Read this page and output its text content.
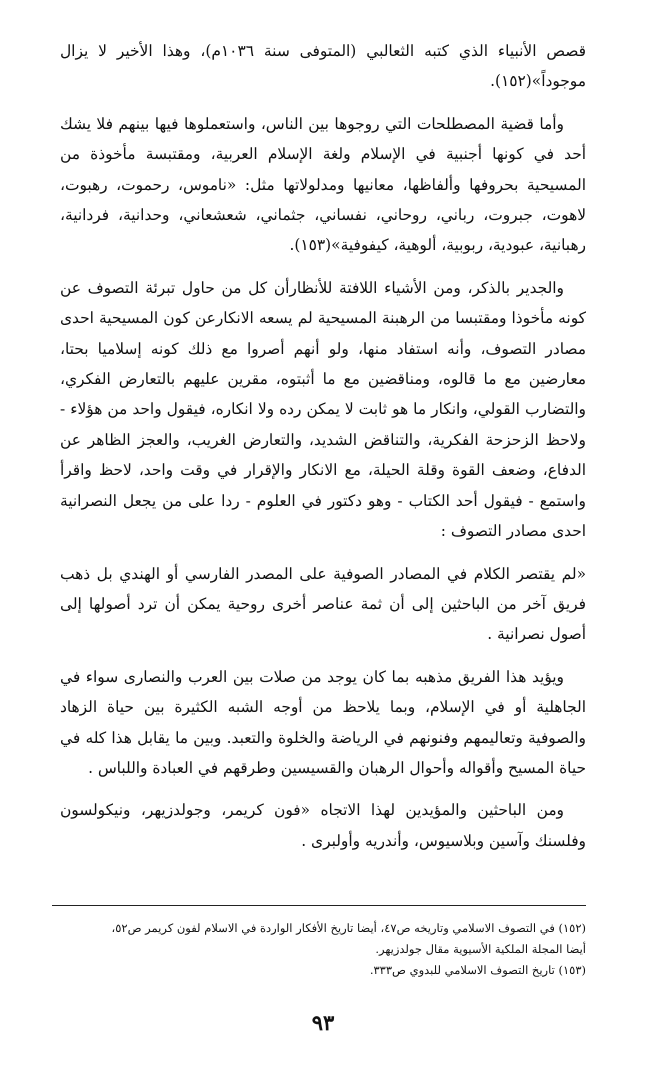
قصص الأنبياء الذي كتبه الثعالبي (المتوفى سنة ١٠٣٦م)، وهذا الأخير لا يزال موجوداً»(١٥٢).

وأما قضية المصطلحات التي روجوها بين الناس، واستعملوها فيها بينهم فلا يشك أحد في كونها أجنبية في الإسلام ولغة الإسلام العربية، ومقتبسة مأخوذة من المسيحية بحروفها وألفاظها، معانيها ومدلولاتها مثل: «ناموس، رحموت، رهبوت، لاهوت، جبروت، رباني، روحاني، نفساني، جثماني، شعشعاني، وحدانية، فردانية، رهبانية، عبودية، ربوبية، ألوهية، كيفوفية»(١٥٣).

والجدير بالذكر، ومن الأشياء اللافتة للأنظارأن كل من حاول تبرئة التصوف عن كونه مأخوذا ومقتبسا من الرهبنة المسيحية لم يسعه الانكارعن كون المسيحية احدى مصادر التصوف، وأنه استفاد منها، ولو أنهم أصروا مع ذلك كونه إسلاميا بحتا، معارضين مع ما قالوه، ومناقضين مع ما أثبتوه، مقرين عليهم بالتعارض الفكري، والتضارب القولي، وانكار ما هو ثابت لا يمكن رده ولا انكاره، فيقول واحد من هؤلاء - ولاحظ الزحزحة الفكرية، والتناقض الشديد، والتعارض الغريب، والعجز الظاهر عن الدفاع، وضعف القوة وقلة الحيلة، مع الانكار والإقرار في وقت واحد، لاحظ واقرأ واستمع - فيقول أحد الكتاب - وهو دكتور في العلوم - ردا على من يجعل النصرانية احدى مصادر التصوف :

«لم يقتصر الكلام في المصادر الصوفية على المصدر الفارسي أو الهندي بل ذهب فريق آخر من الباحثين إلى أن ثمة عناصر أخرى روحية يمكن أن ترد أصولها إلى أصول نصرانية .

ويؤيد هذا الفريق مذهبه بما كان يوجد من صلات بين العرب والنصارى سواء في الجاهلية أو في الإسلام، وبما يلاحظ من أوجه الشبه الكثيرة بين حياة الزهاد والصوفية وتعاليمهم وفنونهم في الرياضة والخلوة والتعبد. وبين ما يقابل هذا كله في حياة المسيح وأقواله وأحوال الرهبان والقسيسين وطرقهم في العبادة واللباس .

ومن الباحثين والمؤيدين لهذا الاتجاه «فون كريمر، وجولدزيهر، ونيكولسون وفلسنك وآسين وبلاسيوس، وأندريه وأولبرى .

(١٥٢) في التصوف الاسلامي وتاريخه ص٤٧، أيضا تاريخ الأفكار الواردة في الاسلام لفون كريمر ص٥٢،

أيضا المجلة الملكية الأسيوية مقال جولدزيهر.

(١٥٣) تاريخ التصوف الاسلامي للبدوي ص٣٣٣.

٩٣
